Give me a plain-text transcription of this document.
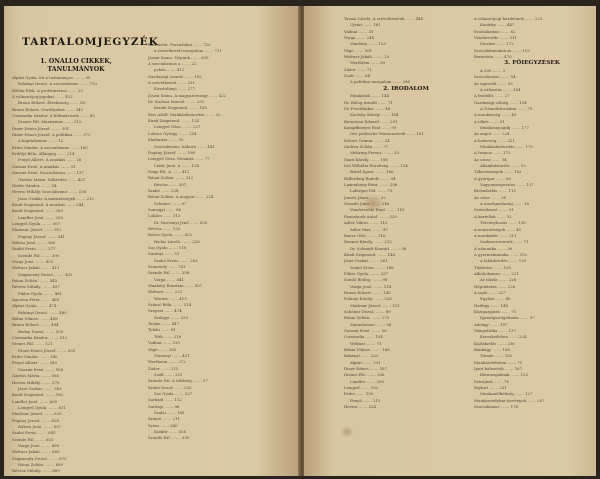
TARTALOMJEGYZÉK
1. ÖNÁLLÓ CIKKEK,
TANULMÁNYOK
Alpári Gyula. Mi a tudományos ........ 95
Bokányi Dezső. A szocializmus ....... 719
Bölöni Elek. A proletáriátus ....... 23
A választójog-jogokat ....... 422
Braun Róbert. Értelmiség ....... 38
Braun Róbert. Osztályokra ....... 141
Csizmadia Sándor. A földművesek ....... 85
Dienes Pál. Marxizmus ....... 212
Diner-Dénes József. ....... 301
Diner-Dénes József. A politikai ....... 372
A kapitalizmus ....... 12
Erdei Sándor. A szocializmus ....... 160
Erdélyi Béla. Államjog ....... 214
Fenyő Albert. A munkás ....... 26
Garami Ernő. A munkás ....... 31
Garami Ernő. Szocializmus ....... 137
Gárdos Mária. Nőkérdés ....... 421
Gödör Sándor. ....... 54
Hevesi Mihály. Szocializmus ....... 156
Jászi Oszkár. A nemzetiségek ....... 212
Kunfi Zsigmond. A munkás ....... 244
Kunfi Zsigmond. ....... 265
Landler Jenő. ....... 280
Lengyel Gyula. ....... 307
Madzsar József. ....... 312
Pogány József. ....... 341
Rákosi Jenő. ....... 366
Szabó Ervin. ....... 377
Szende Pál. ....... 390
Varga Jenő. ....... 402
Weltner Jakab. ....... 411
Zsigmondy Dezső. ....... 433
Rónai Zoltán. ....... 445
Révész Mihály. ....... 457
Pikler Gyula. ....... 461
Ágoston Péter. ....... 469
Alpári Gyula. ....... 474
Bokányi Dezső. ....... 480
Böhm Vilmos. ....... 488
Braun Róbert. ....... 494
Buday Dezső. ....... 500
Csizmadia Sándor. ....... 512
Dienes Pál. ....... 521
Diner-Dénes József. ....... 530
Erdei Sándor. ....... 540
Fenyő Albert. ....... 549
Garami Ernő. ....... 558
Gárdos Mária. ....... 566
Hevesi Mihály. ....... 575
Jászi Oszkár. ....... 583
Kunfi Zsigmond. ....... 592
Landler Jenő. ....... 600
Lengyel Gyula. ....... 611
Madzsar József. ....... 620
Pogány József. ....... 628
Rákosi Jenő. ....... 637
Szabó Ervin. ....... 645
Szende Pál. ....... 651
Varga Jenő. ....... 660
Weltner Jakab. ....... 669
Zsigmondy Dezső. ....... 675
Rónai Zoltán. ....... 680
Révész Mihály. ....... 689
Illés Artúr. Forradalmi ....... 720
a szövetkezeti mozgalom ....... 721
Jászai Samu. Népünk ....... 630
A szocializmus a ....... 22
pohás ....... 412
Gazdasági szemle ....... 182
A szövetkezeti ....... 231
Kosztolányi ....... 277
Jászai Samu. A magyarországi ....... 422
Dr. Kadosa Marcel. ....... 251
Kende Zsigmond. ....... 165
Kiss Adolf. Munkásbiztosítás ....... 32
Kunfi Zsigmond. ....... 124
Lengyel Géza. ....... 227
Lukács György. ....... 214
Madarász ....... 95
Szocializmus, háború ....... 441
Pogány József. ....... 198
Lengyel Géza. Mennier ....... 77
Lázár Jenő. A ....... 134
Nagy Pál. A ....... 412
Rónai Zoltán. ....... 312
Révész ....... 501
Szabó ....... 228
Rónai Zoltán. A magyar ....... 224
Schöner ....... 97
Somogyi ....... 66
Lukács ....... 512
Dr. Rozványi Jenő ....... 625
Révész ....... 120
Rózsa Gyula. ....... 432
Rudas László. ....... 228
Sas Gyula ....... 118
Surányi ....... 51
Szabó Ervin. ....... 263
Szamuely ....... 741
Szende Pál. ....... 258
Varga ....... 641
Vámbéry Rusztem ....... 437
Weltner ....... 223
Wiener ....... 413
Szántó Béla. ....... 514
Szepesi ....... 474
Szilágyi ....... 330
Tarján ....... 447
Teleki ....... 81
Tóth ....... 216
Vadnai ....... 310
Vágó ....... 265
Vázsonyi ....... 411
Wertheim ....... 372
Zádor ....... 211
Zsolt ....... 321
Szende Pál. A többség ....... 37
Szabó Dezső ....... 250
Sas Gyula ....... 527
Sarkadi ....... 112
Surányi ....... 96
Szalai ....... 185
Szántó ....... 211
Szász ....... 540
Szekér ....... 558
Szende Pál. ....... 530
Tarnai László. A szövetkezetek ....... 444
Ujvári ....... 161
Vadnai ....... 31
Varga ....... 244
Vámbéry ....... 125
Vágó ....... 361
Weltner Jakab. ....... 25
Wertheim ....... 85
Zádor ....... 71
Zsolt ....... 54
A politikai mozgalom ....... 280
2. IRODALOM
Munkások ....... 144
Dr. Balog Arnold ....... 71
De Freethinker ....... 48
Kautsky Károly ....... 184
Bernstein Eduard ....... 291
Kampffmeyer Paul ....... 93
Der politische Massenstreik ....... 161
Robert Grimm. ....... 24
Andrea Zoltán ....... 77
Mehring Ferenc. ....... 33
Marx Károly. ....... 188
Iris Wilhelm Herzberg. ....... 134
Bebel Ágost. ....... 166
Hilferding Rudolf. ....... 94
Luxemburg Róza. ....... 206
Lafargue Pál. ....... 73
Jaurès János. ....... 32
Guesde Jules. ....... 248
Vandervelde Emil. ....... 110
Pannekoek Antal. ....... 220
Adler Viktor. ....... 112
Adler Max. ....... 47
Bauer Ottó. ....... 316
Renner Károly. ....... 212
Dr. Schmidt Konrád. ....... 58
Kunfi Zsigmond. ....... 144
Jászi Oszkár. ....... 261
Szabó Ervin. ....... 188
Pikler Gyula. ....... 327
Somló Bódog. ....... 96
Varga Jenő. ....... 114
Braun Róbert. ....... 145
Polányi Károly. ....... 226
Madzsar József. ....... 151
Schöner Dezső. ....... 89
Rónai Zoltán. ....... 270
Mannheimer ....... 98
Garami Ernő. ....... 56
Csizmadia ....... 104
Weltner ....... 71
Böhm Vilmos. ....... 166
Bokányi ....... 223
Alpári ....... 331
Diner-Dénes ....... 187
Dienes Pál. ....... 206
Landler ....... 208
Lengyel ....... 182
Erdei ....... 159
Fenyő ....... 215
Hevesi ....... 224
A választójogi küzdelmek ....... 221
Kautsky ....... 447
Szocializmus ....... 62
Vandervelde ....... 311
Stocker ....... 172
Szociáldemokrácia ....... 119
Bernstein ....... 470
3. FŐIEGYZÉSEK
A 200 ....... 3
Szocializmus ....... 54
Az egyesült ....... 53
A választás ....... 184
A feudális ....... 27
Gazdasági válság ....... 104
A Németbirodalmi ....... 75
A munkásság ....... 49
A tőkés ....... 91
Munkásnyugdíj ....... 177
Az angol ....... 224
A hadsereg ....... 221
Munkásbiztosítás ....... 172
A francia ....... 173
Az orosz ....... 34
Államháztartás ....... 52
Tőkeviszonyok ....... 163
A gyáripar ....... 69
Vagyonmegosztás ....... 137
Kivándorlás ....... 115
Az olasz ....... 38
A mezőgazdaság ....... 18
Szövetkezet ....... 91
A kartellek ....... 32
Törvényhozás ....... 139
A nemzetiségek ....... 41
A munkabér ....... 211
Szakszervezetek ....... 71
A nőmunka ....... 36
A gyermekmunka ....... 152
A lakáskérdés ....... 129
Tüdővész ....... 105
Alkoholizmus ....... 221
Az iskola ....... 226
Népoktatás ....... 228
A sajtó ....... 227
Egyház ....... 40
Hadügy ....... 148
Közigazgatás ....... 70
Igazságszolgáltatás ....... 97
Adóügy ....... 157
Vámpolitika ....... 137
Kereskedelem ....... 224
Közlekedés ....... 236
Bankügy ....... 188
Tőzsde ....... 162
Munkásvédelem ....... 71
Ipari balesetek ....... 167
Bérmozgalmak ....... 122
Sztrájkok ....... 74
Bojkott ....... 231
Munkanélküliség ....... 127
Munkásvédelmi törvények ....... 207
Szocializmus ....... 176
